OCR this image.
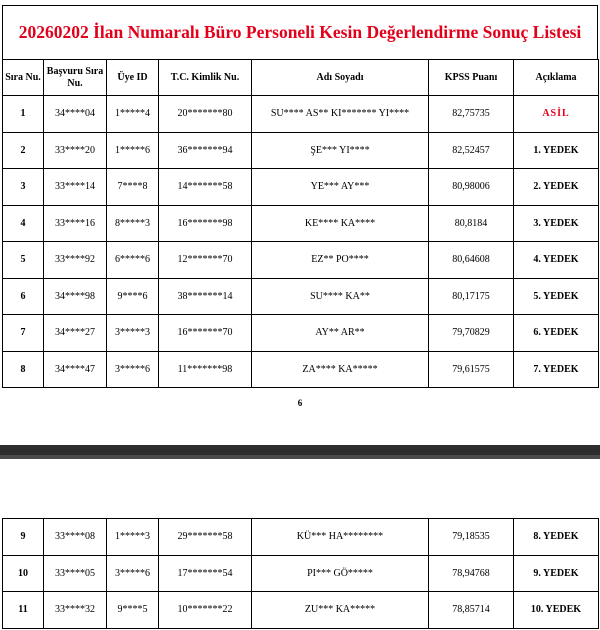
20260202 İlan Numaralı Büro Personeli Kesin Değerlendirme Sonuç Listesi
Sıra Nu.	Başvuru Sıra Nu.	Üye ID	T.C. Kimlik Nu.	Adı Soyadı	KPSS Puanı	Açıklama
1	34****04	1*****4	20*******80	SU**** AS** KI******* YI****	82,75735	ASİL
2	33****20	1*****6	36*******94	ŞE*** YI****	82,52457	1. YEDEK
3	33****14	7****8	14*******58	YE*** AY***	80,98006	2. YEDEK
4	33****16	8*****3	16*******98	KE**** KA****	80,8184	3. YEDEK
5	33****92	6*****6	12*******70	EZ** PO****	80,64608	4. YEDEK
6	34****98	9****6	38*******14	SU**** KA**	80,17175	5. YEDEK
7	34****27	3*****3	16*******70	AY** AR**	79,70829	6. YEDEK
8	34****47	3*****6	11*******98	ZA**** KA*****	79,61575	7. YEDEK
6
9	33****08	1*****3	29*******58	KÜ*** HA********	79,18535	8. YEDEK
10	33****05	3*****6	17*******54	PI*** GÖ*****	78,94768	9. YEDEK
11	33****32	9****5	10*******22	ZU*** KA*****	78,85714	10. YEDEK
